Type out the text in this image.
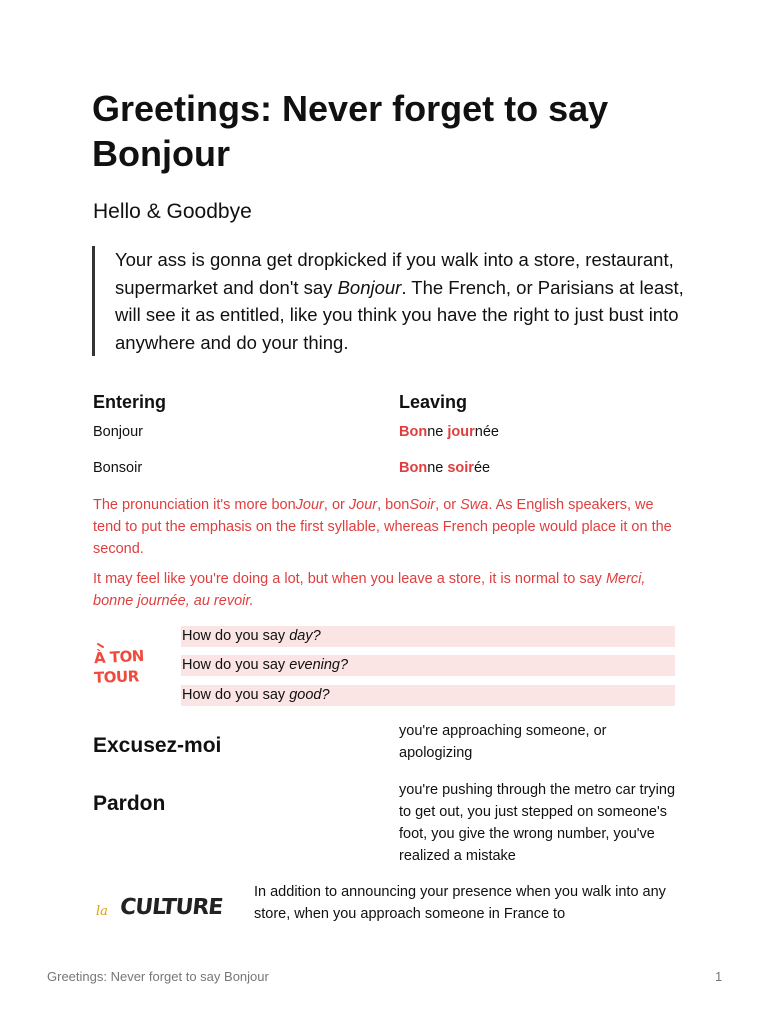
Greetings: Never forget to say Bonjour
Hello & Goodbye
Your ass is gonna get dropkicked if you walk into a store, restaurant, supermarket and don't say Bonjour. The French, or Parisians at least, will see it as entitled, like you think you have the right to just bust into anywhere and do your thing.
Entering	Leaving
Bonjour	Bonne journée
Bonsoir	Bonne soirée
The pronunciation it's more bonJour, or Jour, bonSoir, or Swa. As English speakers, we tend to put the emphasis on the first syllable, whereas French people would place it on the second.
It may feel like you're doing a lot, but when you leave a store, it is normal to say Merci, bonne journée, au revoir.
À TON
TOUR
How do you say day?
How do you say evening?
How do you say good?
Excusez-moi
you're approaching someone, or apologizing
Pardon
you're pushing through the metro car trying to get out, you just stepped on someone's foot, you give the wrong number, you've realized a mistake
la CULTURE
In addition to announcing your presence when you walk into any store, when you approach someone in France to
Greetings: Never forget to say Bonjour	1
